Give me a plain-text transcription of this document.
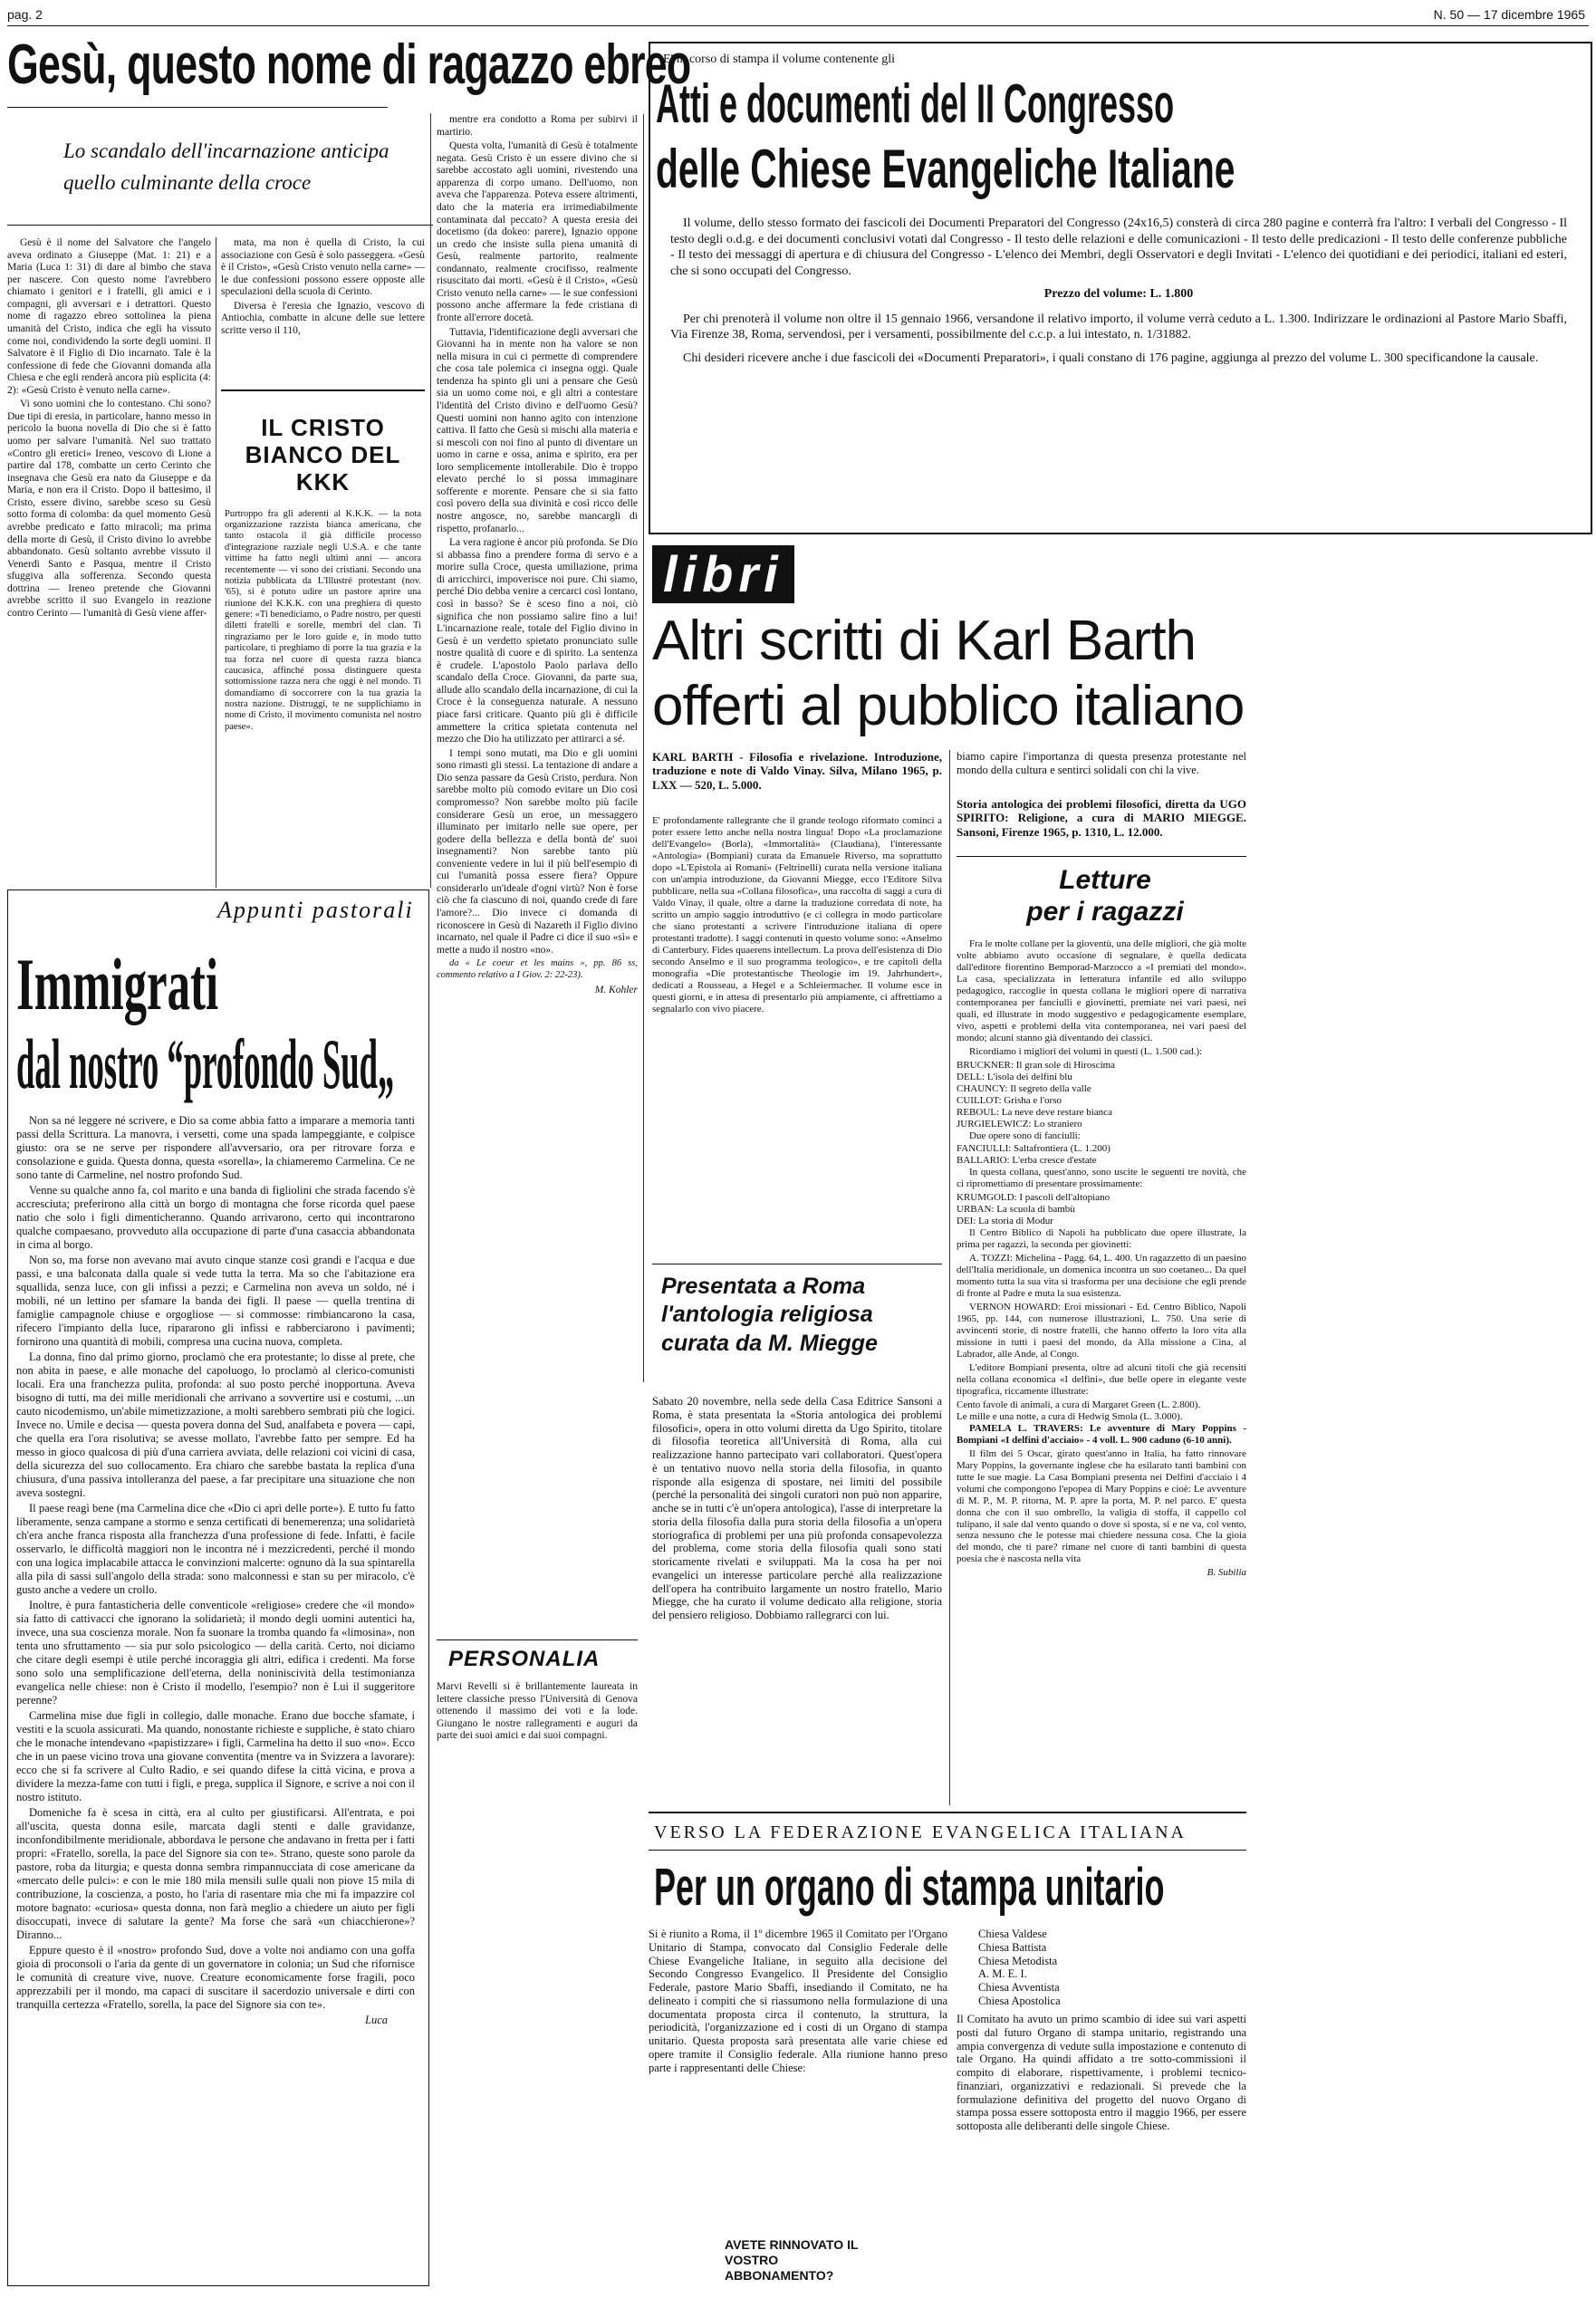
pag. 2	N. 50 — 17 dicembre 1965
Gesù, questo nome di ragazzo ebreo
Lo scandalo dell'incarnazione anticipa quello culminante della croce

Gesù è il nome del Salvatore che l'angelo aveva ordinato a Giuseppe (Mat. 1: 21) e a Maria (Luca 1: 31) di dare al bimbo che stava per nascere. Con questo nome l'avrebbero chiamato i genitori e i fratelli, gli amici e i compagni, gli avversari e i detrattori. Questo nome di ragazzo ebreo sottolinea la piena umanità del Cristo, indica che egli ha vissuto come noi, condividendo la sorte degli uomini. Il Salvatore è il Figlio di Dio incarnato. Tale è la confessione di fede che Giovanni domanda alla Chiesa e che egli renderà ancora più esplicita (4: 2): «Gesù Cristo è venuto nella carne».

Vi sono uomini che lo contestano. Chi sono? Due tipi di eresia, in particolare, hanno messo in pericolo la buona novella di Dio che si è fatto uomo per salvare l'umanità. Nel suo trattato «Contro gli eretici» Ireneo, vescovo di Lione a partire dal 178, combatte un certo Cerinto che insegnava che Gesù era nato da Giuseppe e da Maria, e non era il Cristo. Dopo il battesimo, il Cristo, essere divino, sarebbe sceso su Gesù sotto forma di colomba: da quel momento Gesù avrebbe predicato e fatto miracoli; ma prima della morte di Gesù, il Cristo divino lo avrebbe abbandonato. Gesù soltanto avrebbe vissuto il Venerdì Santo e Pasqua, mentre il Cristo sfuggiva alla sofferenza. Secondo questa dottrina — Ireneo pretende che Giovanni avrebbe scritto il suo Evangelo in reazione contro Cerinto — l'umanità di Gesù viene affer-

mata, ma non è quella di Cristo, la cui associazione con Gesù è solo passeggera. «Gesù è il Cristo», «Gesù Cristo venuto nella carne» — le due confessioni possono essere opposte alle speculazioni della scuola di Cerinto.

Diversa è l'eresia che Ignazio, vescovo di Antiochia, combatte in alcune delle sue lettere scritte verso il 110,

IL CRISTO BIANCO DEL KKK
Purtroppo fra gli aderenti al K.K.K. — la nota organizzazione razzista bianca americana, che tanto ostacola il già difficile processo d'integrazione razziale negli U.S.A. e che tante vittime ha fatto negli ultimi anni — ancora recentemente — vi sono dei cristiani. Secondo una notizia pubblicata da L'Illustré protestant (nov. '65), si è potuto udire un pastore aprire una riunione del K.K.K. con una preghiera di questo genere: «Ti benediciamo, o Padre nostro, per questi diletti fratelli e sorelle, membri del clan. Ti ringraziamo per le loro guide e, in modo tutto particolare, ti preghiamo di porre la tua grazia e la tua forza nel cuore di questa razza bianca caucasica, affinché possa distinguere questa sottomissione razza nera che oggi è nel mondo. Ti domandiamo di soccorrere con la tua grazia la nostra nazione. Distruggi, te ne supplichiamo in nome di Cristo, il movimento comunista nel nostro paese».

mentre era condotto a Roma per subirvi il martirio.

Questa volta, l'umanità di Gesù è totalmente negata. Gesù Cristo è un essere divino che si sarebbe accostato agli uomini, rivestendo una apparenza di corpo umano. Dell'uomo, non aveva che l'apparenza. Poteva essere altrimenti, dato che la materia era irrimediabilmente contaminata dal peccato? A questa eresia dei docetismo (da dokeo: parere), Ignazio oppone un credo che insiste sulla piena umanità di Gesù, realmente partorito, realmente condannato, realmente crocifisso, realmente risuscitato dai morti. «Gesù è il Cristo», «Gesù Cristo venuto nella carne» — le sue confessioni possono anche affermare la fede cristiana di fronte all'errore docetà.

Tuttavia, l'identificazione degli avversari che Giovanni ha in mente non ha valore se non nella misura in cui ci permette di comprendere che cosa tale polemica ci insegna oggi. Quale tendenza ha spinto gli uni a pensare che Gesù sia un uomo come noi, e gli altri a contestare l'identità del Cristo divino e dell'uomo Gesù? Questi uomini non hanno agito con intenzione cattiva. Il fatto che Gesù si mischi alla materia e si mescoli con noi fino al punto di diventare un uomo in carne e ossa, anima e spirito, era per loro semplicemente intollerabile. Dio è troppo elevato perché lo si possa immaginare sofferente e morente. Pensare che si sia fatto così povero della sua divinità e così ricco delle nostre angosce, no, sarebbe mancargli di rispetto, profanarlo...

La vera ragione è ancor più profonda. Se Dio si abbassa fino a prendere forma di servo e a morire sulla Croce, questa umiliazione, prima di arricchirci, impoverisce noi pure. Chi siamo, perché Dio debba venire a cercarci così lontano, così in basso? Se è sceso fino a noi, ciò significa che non possiamo salire fino a lui! L'incarnazione reale, totale del Figlio divino in Gesù è un verdetto spietato pronunciato sulle nostre qualità di cuore e di spirito. La sentenza è crudele. L'apostolo Paolo parlava dello scandalo della Croce. Giovanni, da parte sua, allude allo scandalo della incarnazione, di cui la Croce è la conseguenza naturale. A nessuno piace farsi criticare. Quanto più gli è difficile ammettere la critica spietata contenuta nel mezzo che Dio ha utilizzato per attirarci a sé.

I tempi sono mutati, ma Dio e gli uomini sono rimasti gli stessi. La tentazione di andare a Dio senza passare da Gesù Cristo, perdura. Non sarebbe molto più comodo evitare un Dio così compromesso? Non sarebbe molto più facile considerare Gesù un eroe, un messaggero illuminato per imitarlo nelle sue opere, per godere della bellezza e della bontà de' suoi insegnamenti? Non sarebbe tanto più conveniente vedere in lui il più bell'esempio di cui l'umanità possa essere fiera? Oppure considerarlo un'ideale d'ogni virtù? Non è forse ciò che fa ciascuno di noi, quando crede di fare l'amore?... Dio invece ci domanda di riconoscere in Gesù di Nazareth il Figlio divino incarnato, nel quale il Padre ci dice il suo «sì» e mette a nudo il nostro «no».

da « Le coeur et les mains », pp. 86 ss, commento relativo a I Giov. 2: 22-23).

M. Kohler

Appunti pastorali
Immigrati
dal nostro “profondo Sud„

Non sa né leggere né scrivere, e Dio sa come abbia fatto a imparare a memoria tanti passi della Scrittura. La manovra, i versetti, come una spada lampeggiante, e colpisce giusto: ora se ne serve per rispondere all'avversario, ora per ritrovare forza e consolazione e guida. Questa donna, questa «sorella», la chiameremo Carmelina. Ce ne sono tante di Carmeline, nel nostro profondo Sud.

Venne su qualche anno fa, col marito e una banda di figliolini che strada facendo s'è accresciuta; preferirono alla città un borgo di montagna che forse ricorda quel paese natio che solo i figli dimenticheranno. Quando arrivarono, certo qui incontrarono qualche compaesano, provveduto alla occupazione di parte d'una casaccia abbandonata in cima al borgo.

Non so, ma forse non avevano mai avuto cinque stanze così grandi e l'acqua e due passi, e una balconata dalla quale si vede tutta la terra. Ma so che l'abitazione era squallida, senza luce, con gli infissi a pezzi; e Carmelina non aveva un soldo, né i mobili, né un lettino per sfamare la banda dei figli. Il paese — quella trentina di famiglie campagnole chiuse e orgogliose — si commosse: rimbiancarono la casa, rifecero l'impianto della luce, ripararono gli infissi e rabberciarono i pavimenti; fornirono una quantità di mobili, compresa una cucina nuova, completa.

La donna, fino dal primo giorno, proclamò che era protestante; lo disse al prete, che non abita in paese, e alle monache del capoluogo, lo proclamò al clerico-comunisti locali. Era una franchezza pulita, profonda: al suo posto perché inopportuna. Aveva bisogno di tutti, ma dei mille meridionali che arrivano a sovvertire usi e costumi, ...un cauto nicodemismo, un'abile mimetizzazione, a molti sarebbero sembrati più che logici. Invece no. Umile e decisa — questa povera donna del Sud, analfabeta e povera — capì, che quella era l'ora risolutiva; se avesse mollato, l'avrebbe fatto per sempre. Ed ha messo in gioco qualcosa di più d'una carriera avviata, delle relazioni coi vicini di casa, della sicurezza del suo collocamento. Era chiaro che sarebbe bastata la replica d'una chiusura, d'una passiva intolleranza del paese, a far precipitare una situazione che non aveva sostegni.

Il paese reagì bene (ma Carmelina dice che «Dio ci aprì delle porte»). E tutto fu fatto liberamente, senza campane a stormo e senza certificati di benemerenza; una solidarietà ch'era anche franca risposta alla franchezza d'una professione di fede. Infatti, è facile osservarlo, le difficoltà maggiori non le incontra né i mezzicredenti, perché il mondo con una logica implacabile attacca le convinzioni malcerte: ognuno dà la sua spintarella alla pila di sassi sull'angolo della strada: sono malconnessi e stan su per miracolo, c'è gusto anche a vedere un crollo.

Inoltre, è pura fantasticheria delle conventicole «religiose» credere che «il mondo» sia fatto di cattivacci che ignorano la solidarietà; il mondo degli uomini autentici ha, invece, una sua coscienza morale. Non fa suonare la tromba quando fa «limosina», non tenta uno sfruttamento — sia pur solo psicologico — della carità. Certo, noi diciamo che citare degli esempi è utile perché incoraggia gli altri, edifica i credenti. Ma forse sono solo una semplificazione dell'eterna, della noniniscività della testimonianza evangelica nelle chiese: non è Cristo il modello, l'esempio? non è Lui il suggeritore perenne?

Carmelina mise due figli in collegio, dalle monache. Erano due bocche sfamate, i vestiti e la scuola assicurati. Ma quando, nonostante richieste e suppliche, è stato chiaro che le monache intendevano «papistizzare» i figli, Carmelina ha detto il suo «no». Ecco che in un paese vicino trova una giovane conventita (mentre va in Svizzera a lavorare): ecco che si fa scrivere al Culto Radio, e sei quando difese la città vicina, e prova a dividere la mezza-fame con tutti i figli, e prega, supplica il Signore, e scrive a noi con il nostro istituto.

Domeniche fa è scesa in città, era al culto per giustificarsi. All'entrata, e poi all'uscita, questa donna esile, marcata dagli stenti e dalle gravidanze, inconfondibilmente meridionale, abbordava le persone che andavano in fretta per i fatti propri: «Fratello, sorella, la pace del Signore sia con te». Strano, queste sono parole da pastore, roba da liturgia; e questa donna sembra rimpannucciata di cose americane da «mercato delle pulci»: e con le mie 180 mila mensili sulle quali non piove 15 mila di contribuzione, la coscienza, a posto, ho l'aria di rasentare mia che mi fa impazzire col motore bagnato: «curiosa» questa donna, non farà meglio a chiedere un aiuto per figli disoccupati, invece di salutare la gente? Ma forse che sarà «un chiacchierone»? Diranno...

Eppure questo è il «nostro» profondo Sud, dove a volte noi andiamo con una goffa gioia di proconsoli o l'aria da gente di un governatore in colonia; un Sud che rifornisce le comunità di creature vive, nuove. Creature economicamente forse fragili, poco apprezzabili per il mondo, ma capaci di suscitare il sacerdozio universale e dirti con tranquilla certezza «Fratello, sorella, la pace del Signore sia con te».

Luca

PERSONALIA
Marvi Revelli si è brillantemente laureata in lettere classiche presso l'Università di Genova ottenendo il massimo dei voti e la lode. Giungano le nostre rallegramenti e auguri da parte dei suoi amici e dai suoi compagni.
E' in corso di stampa il volume contenente gli
Atti e documenti del II Congresso
delle Chiese Evangeliche Italiane

Il volume, dello stesso formato dei fascicoli dei Documenti Preparatori del Congresso (24x16,5) consterà di circa 280 pagine e conterrà fra l'altro: I verbali del Congresso - Il testo degli o.d.g. e dei documenti conclusivi votati dal Congresso - Il testo delle relazioni e delle comunicazioni - Il testo delle predicazioni - Il testo delle conferenze pubbliche - Il testo dei messaggi di apertura e di chiusura del Congresso - L'elenco dei Membri, degli Osservatori e degli Invitati - L'elenco dei quotidiani e dei periodici, italiani ed esteri, che si sono occupati del Congresso.

Prezzo del volume: L. 1.800

Per chi prenoterà il volume non oltre il 15 gennaio 1966, versandone il relativo importo, il volume verrà ceduto a L. 1.300. Indirizzare le ordinazioni al Pastore Mario Sbaffi, Via Firenze 38, Roma, servendosi, per i versamenti, possibilmente del c.c.p. a lui intestato, n. 1/31882.

Chi desideri ricevere anche i due fascicoli dei «Documenti Preparatori», i quali constano di 176 pagine, aggiunga al prezzo del volume L. 300 specificandone la causale.

libri
Altri scritti di Karl Barth
offerti al pubblico italiano
KARL BARTH - Filosofia e rivelazione. Introduzione, traduzione e note di Valdo Vinay. Silva, Milano 1965, p. LXX — 520, L. 5.000.
E' profondamente rallegrante che il grande teologo riformato cominci a poter essere letto anche nella nostra lingua! Dopo «La proclamazione dell'Evangelo» (Borla), «Immortalità» (Claudiana), l'interessante «Antologia» (Bompiani) curata da Emanuele Riverso, ma soprattutto dopo «L'Epistola ai Romani» (Feltrinelli) curata nella versione italiana con un'ampia introduzione, da Giovanni Miegge, ecco l'Editore Silva pubblicare, nella sua «Collana filosofica», una raccolta di saggi a cura di Valdo Vinay, il quale, oltre a darne la traduzione corredata di note, ha scritto un ampio saggio introduttivo (e ci collegra in modo particolare che siano protestanti a scrivere l'introduzione italiana di opere protestanti tradotte). I saggi contenuti in questo volume sono: «Anselmo di Canterbury. Fides quaerens intellectum. La prova dell'esistenza di Dio secondo Anselmo e il suo programma teologico», e tre capitoli della monografia «Die protestantische Theologie im 19. Jahrhundert», dedicati a Rousseau, a Hegel e a Schleiermacher. Il volume esce in questi giorni, e in attesa di presentarlo più ampiamente, ci affrettiamo a segnalarlo con vivo piacere.
Presentata a Roma l'antologia religiosa curata da M. Miegge
Sabato 20 novembre, nella sede della Casa Editrice Sansoni a Roma, è stata presentata la «Storia antologica dei problemi filosofici», opera in otto volumi diretta da Ugo Spirito, titolare di filosofia teoretica all'Università di Roma, alla cui realizzazione hanno partecipato vari collaboratori. Quest'opera è un tentativo nuovo nella storia della filosofia, in quanto risponde alla esigenza di spostare, nei limiti del possibile (perché la personalità dei singoli curatori non può non apparire, anche se in tutti c'è un'opera antologica), l'asse di interpretare la storia della filosofia dalla pura storia della filosofia a un'opera storiografica di problemi per una più profonda consapevolezza del problema, come storia della filosofia quali sono stati storicamente rivelati e sviluppati. Ma la cosa ha per noi evangelici un interesse particolare perché alla realizzazione dell'opera ha contribuito largamente un nostro fratello, Mario Miegge, che ha curato il volume dedicato alla religione, storia del pensiero religioso. Dobbiamo rallegrarci con lui.
biamo capire l'importanza di questa presenza protestante nel mondo della cultura e sentirci solidali con chi la vive.
Storia antologica dei problemi filosofici, diretta da UGO SPIRITO: Religione, a cura di MARIO MIEGGE. Sansoni, Firenze 1965, p. 1310, L. 12.000.
Letture
per i ragazzi

Fra le molte collane per la gioventù, una delle migliori, che già molte volte abbiamo avuto occasione di segnalare, è quella dedicata dall'editore fiorentino Bemporad-Marzocco a «I premiati del mondo». La casa, specializzata in letteratura infantile ed allo sviluppo pedagogico, raccoglie in questa collana le migliori opere di narrativa contemporanea per fanciulli e giovinetti, premiate nei vari paesi, nei quali, ed illustrate in modo suggestivo e pedagogicamente esemplare, vivo, aspetti e problemi della vita contemporanea, nei vari paesi del mondo; alcuni stanno già diventando dei classici.

Ricordiamo i migliori dei volumi in questi (L. 1.500 cad.):

BRUCKNER: Il gran sole di Hiroscima
DELL: L'isola dei delfini blu
CHAUNCY: Il segreto della valle
CUILLOT: Grisha e l'orso
REBOUL: La neve deve restare bianca
JURGIELEWICZ: Lo straniero

Due opere sono di fanciulli:

FANCIULLI: Saltafrontiera (L. 1.200)
BALLARIO: L'erba cresce d'estate

In questa collana, quest'anno, sono uscite le seguenti tre novità, che ci ripromettiamo di presentare prossimamente:

KRUMGOLD: I pascoli dell'altopiano
URBAN: La scuola di bambù
DEI: La storia di Modur

Il Centro Biblico di Napoli ha pubblicato due opere illustrate, la prima per ragazzi, la seconda per giovinetti:

A. TOZZI: Michelina - Pagg. 64, L. 400. Un ragazzetto di un paesino dell'Italia meridionale, un domenica incontra un suo coetaneo... Da quel momento tutta la sua vita si trasforma per una decisione che egli prende di fronte al Padre e muta la sua esistenza.

VERNON HOWARD: Eroi missionari - Ed. Centro Biblico, Napoli 1965, pp. 144, con numerose illustrazioni, L. 750. Una serie di avvincenti storie, di nostre fratelli, che hanno offerto la loro vita alla missione in tutti i paesi del mondo, da Alla missione a Cina, al Labrador, alle Ande, al Congo.

L'editore Bompiani presenta, oltre ad alcuni titoli che già recensiti nella collana economica «I delfini», due belle opere in elegante veste tipografica, riccamente illustrate:

Cento favole di animali, a cura di Margaret Green (L. 2.800).
Le mille e una notte, a cura di Hedwig Smola (L. 3.000).

PAMELA L. TRAVERS: Le avventure di Mary Poppins - Bompiani «I delfini d'acciaio» - 4 voll. L. 900 caduno (6-10 anni).

Il film dei 5 Oscar, girato quest'anno in Italia, ha fatto rinnovare Mary Poppins, la governante inglese che ha esilarato tanti bambini con tutte le sue magie. La Casa Bompiani presenta nei Delfini d'acciaio i 4 volumi che compongono l'epopea di Mary Poppins e cioè: Le avventure di M. P., M. P. ritorna, M. P. apre la porta, M. P. nel parco. E' questa donna che con il suo ombrello, la valigia di stoffa, il cappello col tulipano, il sale dal vento quando o dove si sposta, si e ne va, col vento, senza nessuno che le potesse mai chiedere nessuna cosa. Che la gioia del mondo, che ti pare? rimane nel cuore di tanti bambini di questa poesia che è nascosta nella vita

B. Subilia

VERSO LA FEDERAZIONE EVANGELICA ITALIANA
Per un organo di stampa unitario
Si è riunito a Roma, il 1º dicembre 1965 il Comitato per l'Organo Unitario di Stampa, convocato dal Consiglio Federale delle Chiese Evangeliche Italiane, in seguito alla decisione del Secondo Congresso Evangelico. Il Presidente del Consiglio Federale, pastore Mario Sbaffi, insediando il Comitato, ne ha delineato i compiti che si riassumono nella formulazione di una documentata proposta circa il contenuto, la struttura, la periodicità, l'organizzazione ed i costi di un Organo di stampa unitario. Questa proposta sarà presentata alle varie chiese ed opere tramite il Consiglio federale. Alla riunione hanno preso parte i rappresentanti delle Chiese:
Chiesa Valdese
Chiesa Battista
Chiesa Metodista
A. M. E. I.
Chiesa Avventista
Chiesa Apostolica
Il Comitato ha avuto un primo scambio di idee sui vari aspetti posti dal futuro Organo di stampa unitario, registrando una ampia convergenza di vedute sulla impostazione e contenuto di tale Organo. Ha quindi affidato a tre sotto-commissioni il compito di elaborare, rispettivamente, i problemi tecnico-finanziari, organizzativi e redazionali. Si prevede che la formulazione definitiva del progetto del nuovo Organo di stampa possa essere sottoposta entro il maggio 1966, per essere sottoposta alle deliberanti delle singole Chiese.
AVETE RINNOVATO IL VOSTRO ABBONAMENTO?
